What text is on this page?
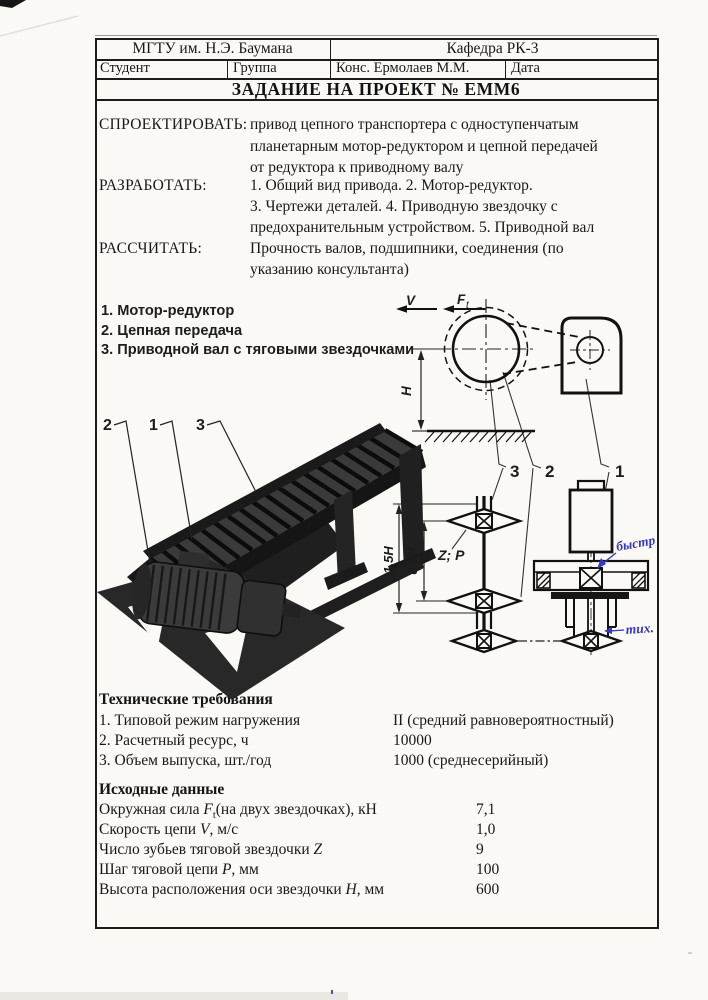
МГТУ им. Н.Э. Баумана	Кафедра РК-3
Студент	Группа	Конс. Ермолаев М.М.	Дата
ЗАДАНИЕ НА ПРОЕКТ № ЕММ6
СПРОЕКТИРОВАТЬ: привод цепного транспортера с одноступенчатым
планетарным мотор-редуктором и цепной передачей
от редуктора к приводному валу
РАЗРАБОТАТЬ:	1. Общий вид привода. 2. Мотор-редуктор.
3. Чертежи деталей. 4. Приводную звездочку с
предохранительным устройством. 5. Приводной вал
РАССЧИТАТЬ:	Прочность валов, подшипники, соединения (по
указанию консультанта)
1. Мотор-редуктор
2. Цепная передача
3. Приводной вал с тяговыми звездочками
Технические требования
1. Типовой режим нагружения	II (средний равновероятностный)
2. Расчетный ресурс, ч	10000
3. Объем выпуска, шт./год	1000 (среднесерийный)
Исходные данные
Окружная сила $F_t(на$ двух звездочках), кН	7,1
Скорость цепи V, м/с	1,0
Число зубьев тяговой звездочки Z	9
Шаг тяговой цепи P, мм	100
Высота расположения оси звездочки H, мм	600
2 1 3
H
V	F t
3 2	1
1,5H 0,7H Z; P
быстр
тих.
